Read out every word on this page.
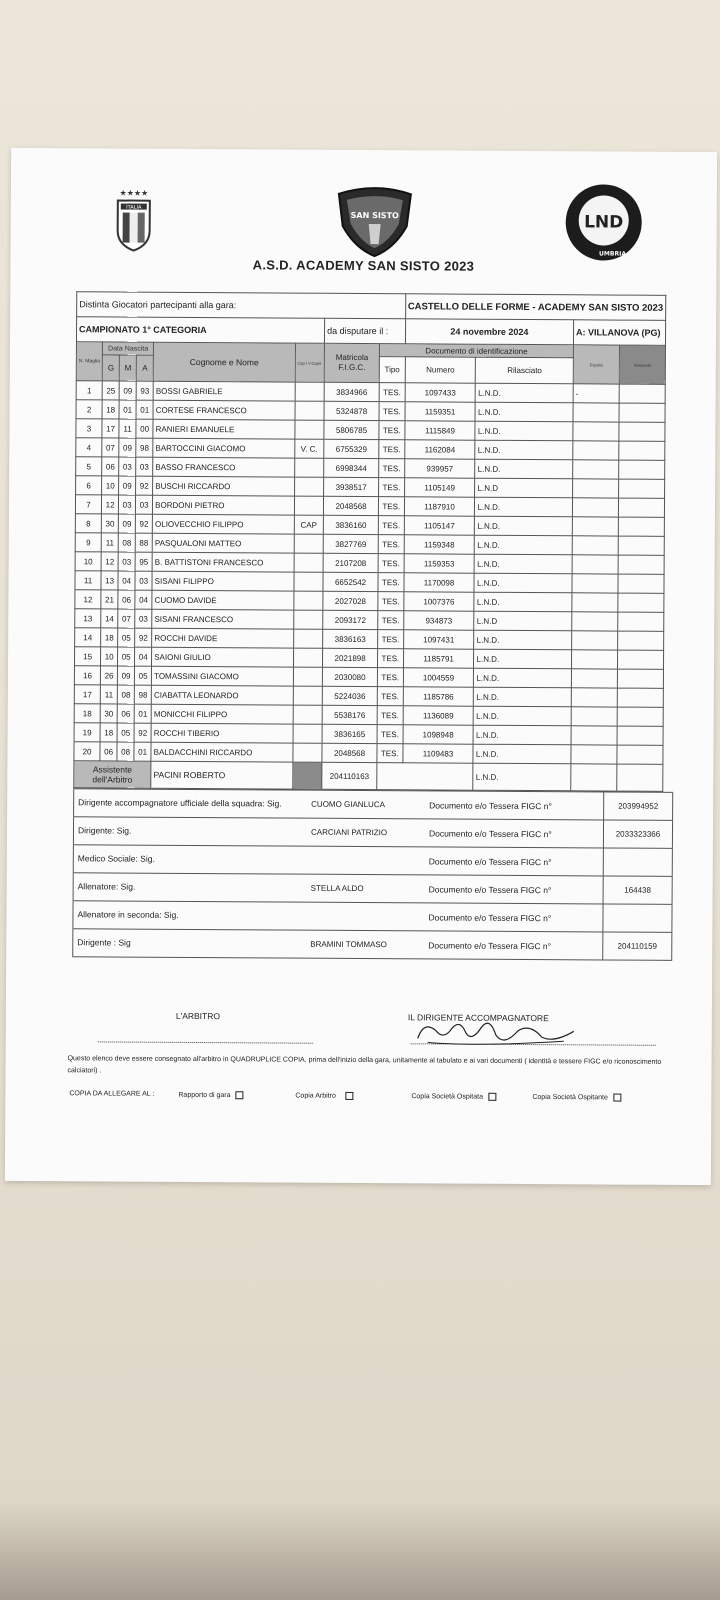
★★★★
ITALIA
SAN SISTO	LND
UMBRIA
A.S.D. ACADEMY SAN SISTO 2023
Distinta Giocatori partecipanti alla gara:								CASTELLO DELLE FORME - ACADEMY SAN SISTO 2023			
CAMPIONATO 1° CATEGORIA						da disputare il :		24 novembre 2024		A: VILLANOVA (PG)	
N. Maglia	Data Nascita			Cognome e Nome	Cap./ V.Capit.	Matricola F.I.G.C.	Documento di identificazione			Espulsi	Ammoniti
	G	M	A				Tipo	Numero	Rilasciato		
1	25	09	93	BOSSI GABRIELE		3834966	TES.	1097433	L.N.D.	-	
2	18	01	01	CORTESE FRANCESCO		5324878	TES.	1159351	L.N.D.		
3	17	11	00	RANIERI EMANUELE		5806785	TES.	1115849	L.N.D.		
4	07	09	98	BARTOCCINI GIACOMO	V. C.	6755329	TES.	1162084	L.N.D.		
5	06	03	03	BASSO FRANCESCO		6998344	TES.	939957	L.N.D.		
6	10	09	92	BUSCHI RICCARDO		3938517	TES.	1105149	L.N.D		
7	12	03	03	BORDONI PIETRO		2048568	TES.	1187910	L.N.D.		
8	30	09	92	OLIOVECCHIO FILIPPO	CAP	3836160	TES.	1105147	L.N.D.		
9	11	08	88	PASQUALONI MATTEO		3827769	TES.	1159348	L.N.D.		
10	12	03	95	B. BATTISTONI FRANCESCO		2107208	TES.	1159353	L.N.D.		
11	13	04	03	SISANI FILIPPO		6652542	TES.	1170098	L.N.D.		
12	21	06	04	CUOMO DAVIDE		2027028	TES.	1007376	L.N.D.		
13	14	07	03	SISANI FRANCESCO		2093172	TES.	934873	L.N.D		
14	18	05	92	ROCCHI DAVIDE		3836163	TES.	1097431	L.N.D.		
15	10	05	04	SAIONI GIULIO		2021898	TES.	1185791	L.N.D.		
16	26	09	05	TOMASSINI GIACOMO		2030080	TES.	1004559	L.N.D.		
17	11	08	98	CIABATTA LEONARDO		5224036	TES.	1185786	L.N.D.		
18	30	06	01	MONICCHI FILIPPO		5538176	TES.	1136089	L.N.D.		
19	18	05	92	ROCCHI TIBERIO		3836165	TES.	1098948	L.N.D.		
20	06	08	01	BALDACCHINI RICCARDO		2048568	TES.	1109483	L.N.D.		
Assistente dell'Arbitro				PACINI ROBERTO		204110163			L.N.D.		
Dirigente accompagnatore ufficiale della squadra: Sig.	CUOMO GIANLUCA	Documento e/o Tessera FIGC n°	203994952
Dirigente: Sig.	CARCIANI PATRIZIO	Documento e/o Tessera FIGC n°	2033323366
Medico Sociale: Sig.		Documento e/o Tessera FIGC n°	
Allenatore: Sig.	STELLA ALDO	Documento e/o Tessera FIGC n°	164438
Allenatore in seconda: Sig.		Documento e/o Tessera FIGC n°	
Dirigente : Sig	BRAMINI TOMMASO	Documento e/o Tessera FIGC n°	204110159
L'ARBITRO	IL DIRIGENTE ACCOMPAGNATORE
Questo elenco deve essere consegnato all'arbitro in QUADRUPLICE COPIA, prima dell'inizio della gara, unitamente al tabulato e ai vari documenti ( identità e tessere FIGC e/o riconoscimento calciatori) .
COPIA DA ALLEGARE AL :	Rapporto di gara	Copia Arbitro	Copia Società Ospitata	Copia Società Ospitante
